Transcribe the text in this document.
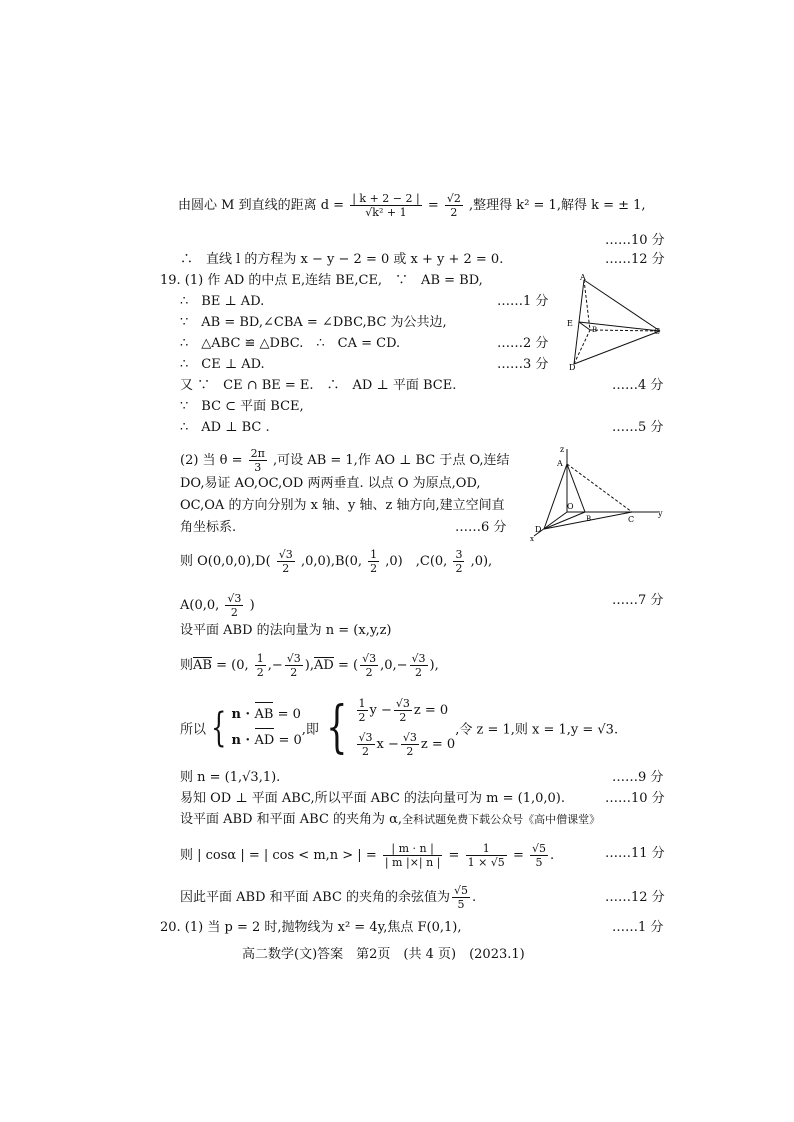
由圆心 M 到直线的距离 $d = \frac{| k + 2 - 2 |}{\text{√k² + 1}} = \frac{√2}{2}$ ,整理得 k² = 1,解得 k = ± 1,
……10 分
∴　直线 l 的方程为 x − y − 2 = 0 或 x + y + 2 = 0.	……12 分
19. (1) 作 AD 的中点 E,连结 BE,CE,　∵　AB = BD,
∴　BE ⊥ AD.	……1 分
∵　AB = BD,∠CBA = ∠DBC,BC 为公共边,
∴　△ABC ≌ △DBC.　∴　CA = CD.	……2 分
∴　CE ⊥ AD.	……3 分
又 ∵　CE ∩ BE = E.　∴　AD ⊥ 平面 BCE.	……4 分
∵　BC ⊂ 平面 BCE,
∴　AD ⊥ BC .	……5 分
A
E
B	C
D
(2) 当 $\theta = \frac{2\pi}{3}$ ,可设 AB = 1,作 AO ⊥ BC 于点 O,连结
DO,易证 AO,OC,OD 两两垂直. 以点 O 为原点,OD,
OC,OA 的方向分别为 x 轴、y 轴、z 轴方向,建立空间直
角坐标系.	……6 分
z
A
O
B	C
D
x
y
则 $O(0,0,0),D( \frac{√3}{2} ,0,0),B(0$, $\frac{1}{2} ,0$)　,C(0, $\frac{3}{2} ,0$),
A(0,0, $\frac{√3}{2}$ )	……7 分
设平面 ABD 的法向量为 n = (x,y,z)
则AB = (0, $\frac{1}{2}$ ,− $\frac{√3}{2} ),AD$ = ( $\frac{√3}{2} ,0,- \frac{√3}{2}$ ),
所以 { n · AB = 0
n · AD = 0
,即 { $\frac{1}{2}$ $y - \frac{√3}{2}$ z = 0
$\frac{√3}{2}$ $x - \frac{√3}{2}$ z = 0
,令 z = 1,则 x = 1,y = √3.
则 n = (1,√3,1).	……9 分
易知 OD ⊥ 平面 ABC,所以平面 ABC 的法向量可为 m = (1,0,0).	……10 分
设平面 ABD 和平面 ABC 的夹角为 α,全科试题免费下载公众号《高中僧课堂》
则 | cosα | = | cos < m,n > | = $\frac{| m \cdot n |}{| m |\times| n |} = \frac{1}{1 \times √5} = \frac{√5}{5}$ .	……11 分
因此平面 ABD 和平面 ABC 的夹角的余弦值为 $\frac{√5}{5}$ .	……12 分
20. (1) 当 p = 2 时,抛物线为 x² = 4y,焦点 F(0,1),	……1 分
高二数学(文)答案　第2页　(共 4 页)　(2023.1)
